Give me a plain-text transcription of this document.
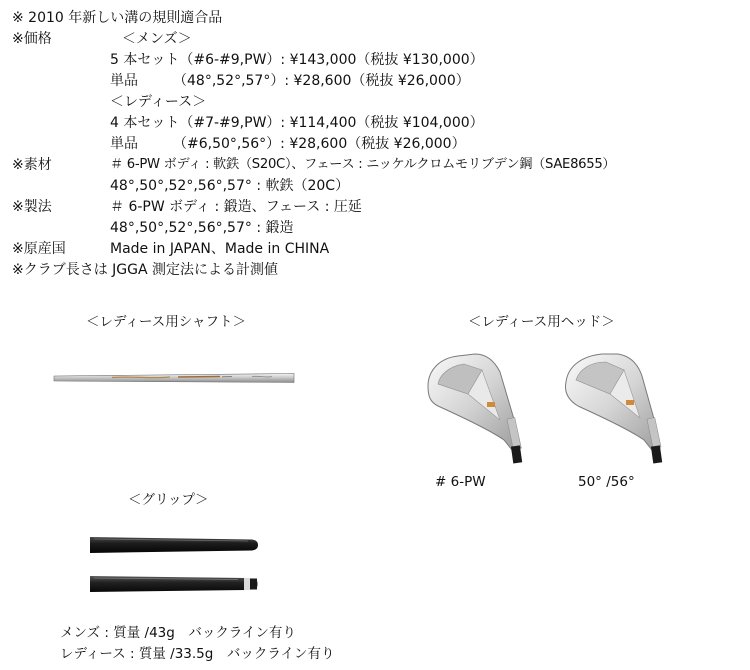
※ 2010 年新しい溝の規則適合品
※価格	＜メンズ＞
5 本セット（#6-#9,PW）: ¥143,000（税抜 ¥130,000）
単品　　　（48°,52°,57°）: ¥28,600（税抜 ¥26,000）
＜レディース＞
4 本セット（#7-#9,PW）: ¥114,400（税抜 ¥104,000）
単品　　　（#6,50°,56°）: ¥28,600（税抜 ¥26,000）
※素材	＃ 6-PW ボディ : 軟鉄（S20C）、フェース : ニッケルクロムモリブデン鋼（SAE8655）
48°,50°,52°,56°,57° : 軟鉄（20C）
※製法	＃ 6-PW ボディ : 鍛造、フェース : 圧延
48°,50°,52°,56°,57° : 鍛造
※原産国	Made in JAPAN、Made in CHINA
※クラブ長さは JGGA 測定法による計測値
＜レディース用シャフト＞	＜レディース用ヘッド＞
# 6-PW	50° /56°
＜グリップ＞
メンズ : 質量 /43g　バックライン有り
レディース : 質量 /33.5g　バックライン有り
